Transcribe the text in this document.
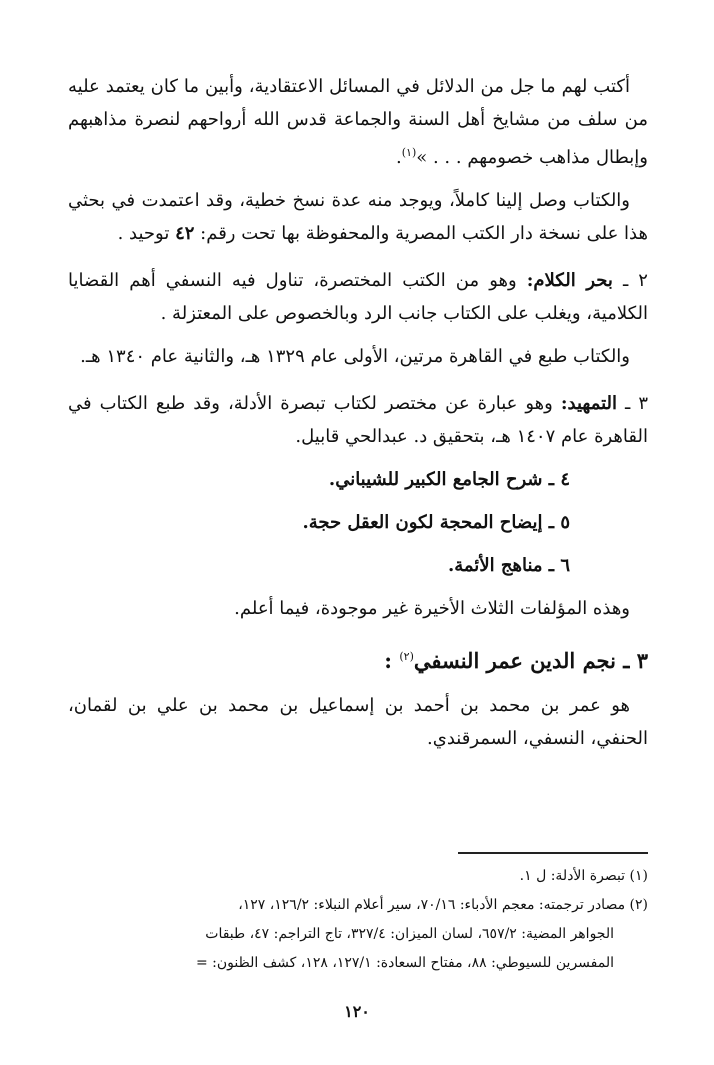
أكتب لهم ما جل من الدلائل في المسائل الاعتقادية، وأبين ما كان يعتمد عليه من سلف من مشايخ أهل السنة والجماعة قدس الله أرواحهم لنصرة مذاهبهم وإبطال مذاهب خصومهم . . . »$^{(١)}$.

والكتاب وصل إلينا كاملاً، ويوجد منه عدة نسخ خطية، وقد اعتمدت في بحثي هذا على نسخة دار الكتب المصرية والمحفوظة بها تحت رقم: ٤٢ توحيد .

٢ ـ بحر الكلام: وهو من الكتب المختصرة، تناول فيه النسفي أهم القضايا الكلامية، ويغلب على الكتاب جانب الرد وبالخصوص على المعتزلة .

والكتاب طبع في القاهرة مرتين، الأولى عام ١٣٢٩ هـ، والثانية عام ١٣٤٠ هـ.

٣ ـ التمهيد: وهو عبارة عن مختصر لكتاب تبصرة الأدلة، وقد طبع الكتاب في القاهرة عام ١٤٠٧ هـ، بتحقيق د. عبدالحي قابيل.

٤ ـ شرح الجامع الكبير للشيباني.

٥ ـ إيضاح المحجة لكون العقل حجة.

٦ ـ مناهج الأئمة.

وهذه المؤلفات الثلاث الأخيرة غير موجودة، فيما أعلم.

٣ ـ نجم الدين عمر النسفي$^{(٢)}$ :

هو عمر بن محمد بن أحمد بن إسماعيل بن محمد بن علي بن لقمان، الحنفي، النسفي، السمرقندي.

(١) تبصرة الأدلة: ل ١.
(٢) مصادر ترجمته: معجم الأدباء: ٧٠/١٦، سير أعلام النبلاء: ١٢٦/٢، ١٢٧،
الجواهر المضية: ٦٥٧/٢، لسان الميزان: ٣٢٧/٤، تاج التراجم: ٤٧، طبقات
المفسرين للسيوطي: ٨٨، مفتاح السعادة: ١٢٧/١، ١٢٨، كشف الظنون: =
١٢٠
